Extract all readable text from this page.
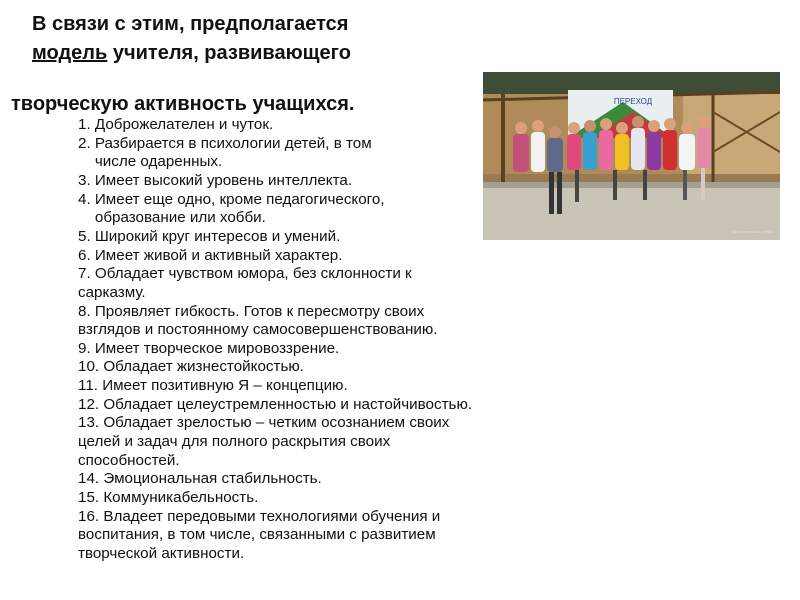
В связи с этим, предполагается
модель учителя, развивающего
творческую активность учащихся.	ПЕРЕХОД
~~~~~~~~.~~~
1. Доброжелателен и чуток.
2. Разбирается в психологии детей, в том
числе одаренных.
3. Имеет высокий уровень интеллекта.
4. Имеет еще одно, кроме педагогического,
образование или хобби.
5. Широкий круг интересов и умений.
6. Имеет живой и активный характер.
7. Обладает чувством юмора, без склонности к
сарказму.
8. Проявляет гибкость. Готов к пересмотру своих
взглядов и постоянному самосовершенствованию.
9. Имеет творческое мировоззрение.
10. Обладает жизнестойкостью.
11. Имеет позитивную Я – концепцию.
12. Обладает целеустремленностью и настойчивостью.
13. Обладает зрелостью – четким осознанием своих
целей и задач для полного раскрытия своих
способностей.
14. Эмоциональная стабильность.
15. Коммуникабельность.
16. Владеет передовыми технологиями обучения и
воспитания, в том числе, связанными с развитием
творческой активности.
